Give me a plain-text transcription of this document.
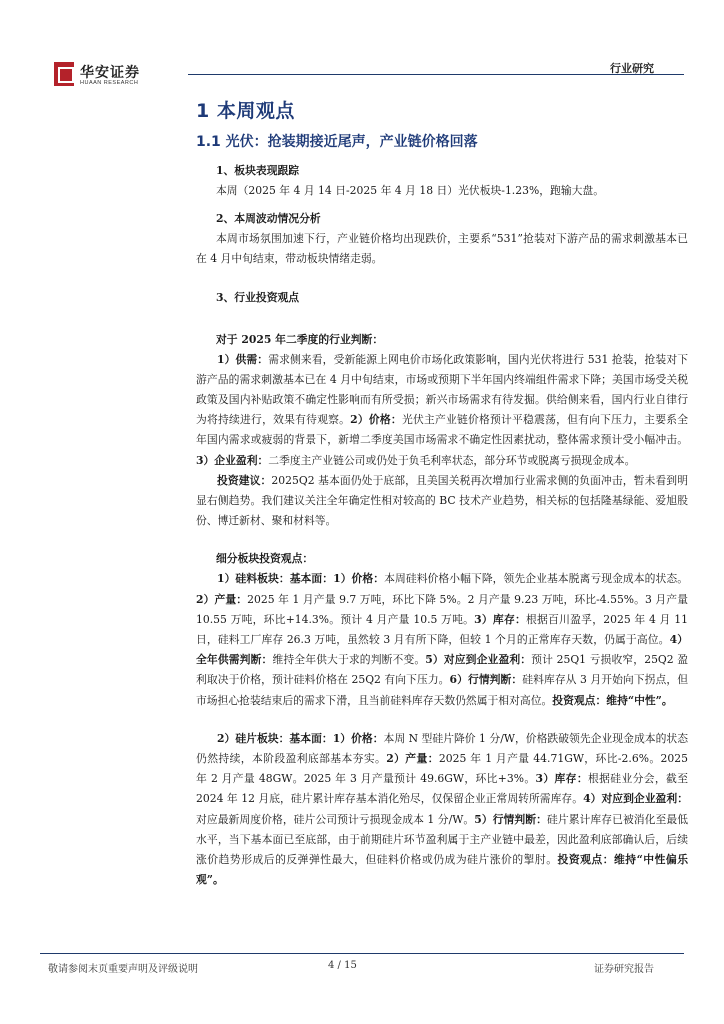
华安证券
HUAAN RESEARCH
行业研究
1 本周观点
1.1 光伏：抢装期接近尾声，产业链价格回落
1、板块表现跟踪

本周（2025 年 4 月 14 日-2025 年 4 月 18 日）光伏板块-1.23%，跑输大盘。

2、本周波动情况分析

本周市场氛围加速下行，产业链价格均出现跌价，主要系“531”抢装对下游产品的需求刺激基本已在 4 月中旬结束，带动板块情绪走弱。

3、行业投资观点
对于 2025 年二季度的行业判断：

1）供需：需求侧来看，受新能源上网电价市场化政策影响，国内光伏将进行 531 抢装，抢装对下游产品的需求刺激基本已在 4 月中旬结束，市场或预期下半年国内终端组件需求下降；美国市场受关税政策及国内补贴政策不确定性影响而有所受损；新兴市场需求有待发掘。供给侧来看，国内行业自律行为将持续进行，效果有待观察。2）价格：光伏主产业链价格预计平稳震荡，但有向下压力，主要系全年国内需求或疲弱的背景下，新增二季度美国市场需求不确定性因素扰动，整体需求预计受小幅冲击。3）企业盈利：二季度主产业链公司或仍处于负毛利率状态，部分环节或脱离亏损现金成本。

投资建议：2025Q2 基本面仍处于底部，且美国关税再次增加行业需求侧的负面冲击，暂未看到明显右侧趋势。我们建议关注全年确定性相对较高的 BC 技术产业趋势，相关标的包括隆基绿能、爱旭股份、博迁新材、聚和材料等。

细分板块投资观点：

1）硅料板块：基本面：1）价格：本周硅料价格小幅下降，领先企业基本脱离亏现金成本的状态。2）产量：2025 年 1 月产量 9.7 万吨，环比下降 5%。2 月产量 9.23 万吨，环比-4.55%。3 月产量 10.55 万吨，环比+14.3%。预计 4 月产量 10.5 万吨。3）库存：根据百川盈孚，2025 年 4 月 11 日，硅料工厂库存 26.3 万吨，虽然较 3 月有所下降，但较 1 个月的正常库存天数，仍属于高位。4）全年供需判断：维持全年供大于求的判断不变。5）对应到企业盈利：预计 25Q1 亏损收窄，25Q2 盈利取决于价格，预计硅料价格在 25Q2 有向下压力。6）行情判断：硅料库存从 3 月开始向下拐点，但市场担心抢装结束后的需求下滑，且当前硅料库存天数仍然属于相对高位。投资观点：维持“中性”。

2）硅片板块：基本面：1）价格：本周 N 型硅片降价 1 分/W，价格跌破领先企业现金成本的状态仍然持续，本阶段盈利底部基本夯实。2）产量：2025 年 1 月产量 44.71GW，环比-2.6%。2025 年 2 月产量 48GW。2025 年 3 月产量预计 49.6GW，环比+3%。3）库存：根据硅业分会，截至 2024 年 12 月底，硅片累计库存基本消化殆尽，仅保留企业正常周转所需库存。4）对应到企业盈利：对应最新周度价格，硅片公司预计亏损现金成本 1 分/W。5）行情判断：硅片累计库存已被消化至最低水平，当下基本面已至底部，由于前期硅片环节盈利属于主产业链中最差，因此盈利底部确认后，后续涨价趋势形成后的反弹弹性最大，但硅料价格或仍成为硅片涨价的掣肘。投资观点：维持“中性偏乐观”。

敬请参阅末页重要声明及评级说明	4 / 15	证券研究报告
